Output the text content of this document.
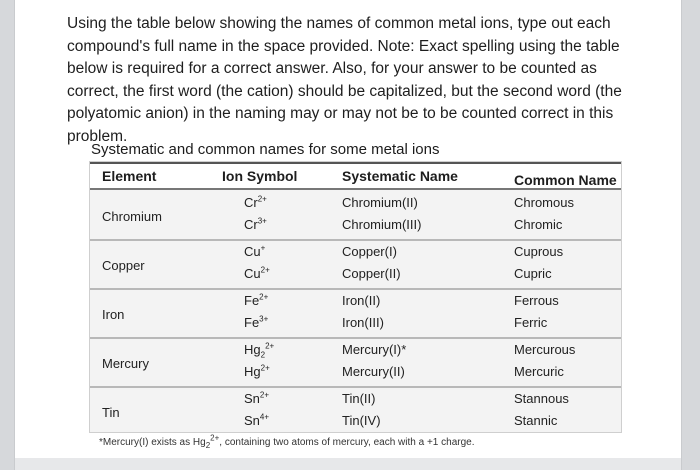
Using the table below showing the names of common metal ions, type out each compound's full name in the space provided. Note: Exact spelling using the table below is required for a correct answer. Also, for your answer to be counted as correct, the first word (the cation) should be capitalized, but the second word (the polyatomic anion) in the naming may or may not be to be counted correct in this problem.

Systematic and common names for some metal ions
Element	Ion Symbol	Systematic Name	Common Name
Chromium
$Cr^{2+}$	Chromium(II)	Chromous
$Cr^{3+}$	Chromium(III)	Chromic
Copper
Cu+	Copper(I)	Cuprous
$Cu^{2+}$	Copper(II)	Cupric
Iron
$Fe^{2+}$	Iron(II)	Ferrous
$Fe^{3+}$	Iron(III)	Ferric
Mercury
$Hg_2^{2+}$	Mercury(I)*	Mercurous
$Hg^{2+}$	Mercury(II)	Mercuric
Tin
$Sn^{2+}$	Tin(II)	Stannous
$Sn^{4+}$	Tin(IV)	Stannic
*Mercury(I) exists as $Hg_2^{2+}$, containing two atoms of mercury, each with a +1 charge.
